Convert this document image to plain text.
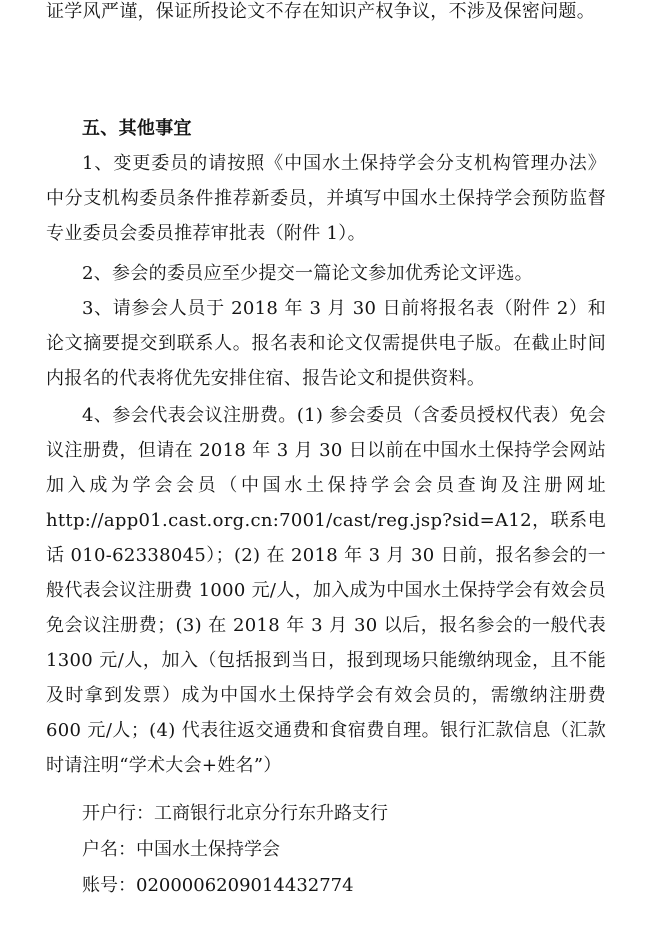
证学风严谨，保证所投论文不存在知识产权争议，不涉及保密问题。

五、其他事宜

1、变更委员的请按照《中国水土保持学会分支机构管理办法》中分支机构委员条件推荐新委员，并填写中国水土保持学会预防监督专业委员会委员推荐审批表（附件 1）。

2、参会的委员应至少提交一篇论文参加优秀论文评选。

3、请参会人员于 2018 年 3 月 30 日前将报名表（附件 2）和论文摘要提交到联系人。报名表和论文仅需提供电子版。在截止时间内报名的代表将优先安排住宿、报告论文和提供资料。

4、参会代表会议注册费。(1) 参会委员（含委员授权代表）免会议注册费，但请在 2018 年 3 月 30 日以前在中国水土保持学会网站加入成为学会会员（中国水土保持学会会员查询及注册网址 http://app01.cast.org.cn:7001/cast/reg.jsp?sid=A12，联系电话 010-62338045）；(2) 在 2018 年 3 月 30 日前，报名参会的一般代表会议注册费 1000 元/人，加入成为中国水土保持学会有效会员免会议注册费；(3) 在 2018 年 3 月 30 以后，报名参会的一般代表 1300 元/人，加入（包括报到当日，报到现场只能缴纳现金，且不能及时拿到发票）成为中国水土保持学会有效会员的，需缴纳注册费 600 元/人；(4) 代表往返交通费和食宿费自理。银行汇款信息（汇款时请注明“学术大会+姓名”）

开户行：工商银行北京分行东升路支行
户名：中国水土保持学会
账号：0200006209014432774
